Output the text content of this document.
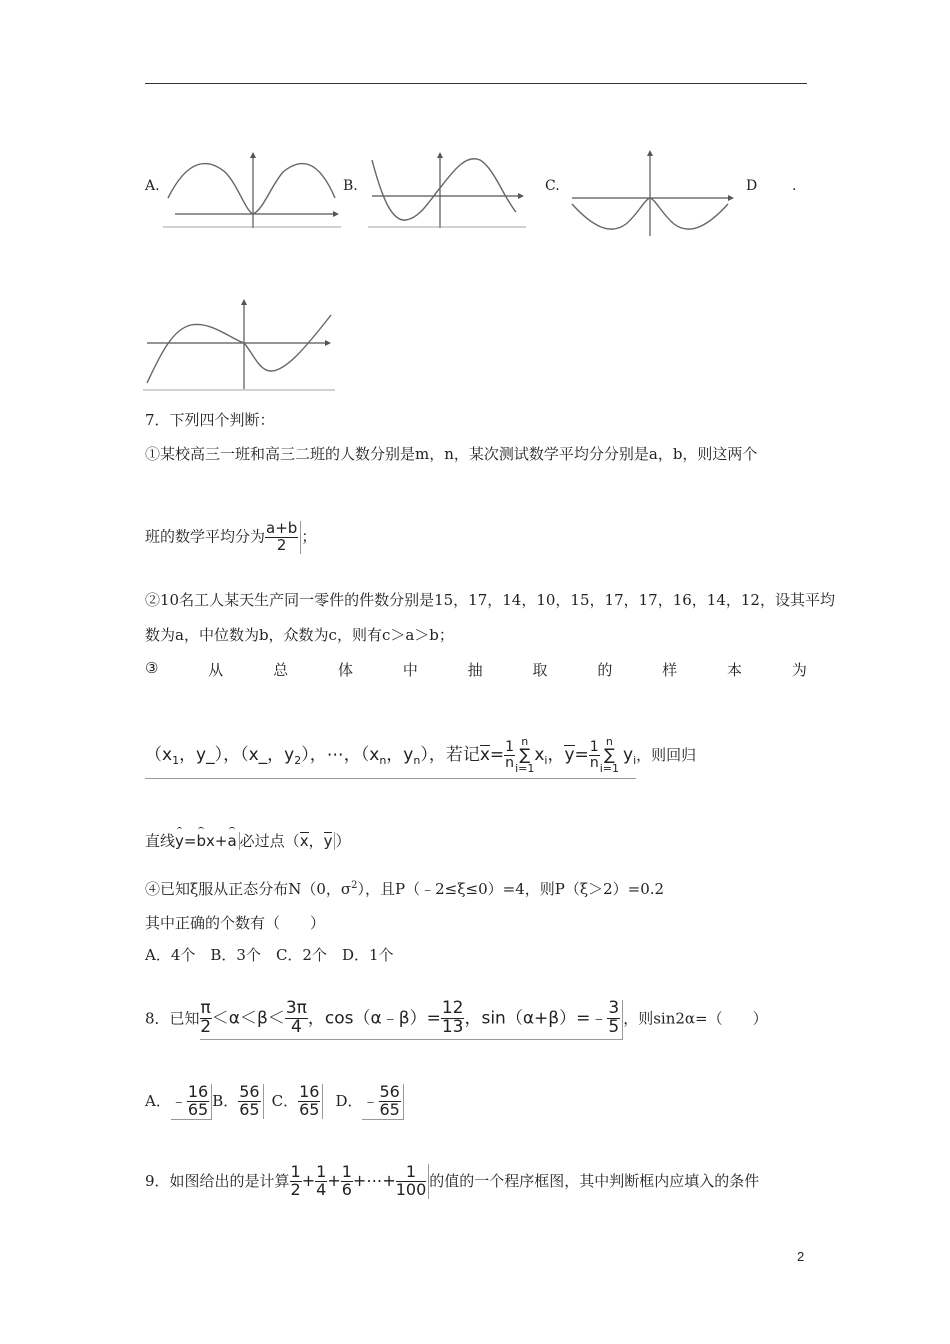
A.	B.	C.	D .
7．下列四个判断：
①某校高三一班和高三二班的人数分别是m，n，某次测试数学平均分分别是a，b，则这两个
班的数学平均分为 $\frac{a+b}{2}$ ；
②10名工人某天生产同一零件的件数分别是15，17，14，10，15，17，17，16，14，12，设其平均
数为a，中位数为b，众数为c，则有c＞a＞b；
③	从	总	体	中	抽	取	的	样	本	为
（$x_1$，y_），（x_，$y_2$），⋯，（$x_n$，$y_n$），若记$x= \frac{1}{n}$ n
∑
$i=1x_i$，$y= \frac{1}{n}$ n
∑
$i=1y_i$，则回归
直线y=bx+a 必过点（x，y ）
④已知ξ服从正态分布N（0，$\sigma^2$），且P（﹣2≤ξ≤0）=4，则P（ξ＞2）=0.2
其中正确的个数有（　　）
A．4个　B．3个　C．2个　D．1个
8．已知 $\frac{\pi}{2} <\alpha<\beta< \frac{3\pi}{4}$ ，cos（α﹣β）= $\frac{12}{13}$ ，sin（α+β）=﹣ $\frac{3}{5}$ ，则sin2α=（　　）
A．﹣ $\frac{16}{65}$ B． $\frac{56}{65}$ C． $\frac{16}{65}$ D．﹣ $\frac{56}{65}$
9．如图给出的是计算 $\frac{1}{2} + \frac{1}{4} + \frac{1}{6}$ +⋯+ $\frac{1}{100}$ 的值的一个程序框图，其中判断框内应填入的条件
2
